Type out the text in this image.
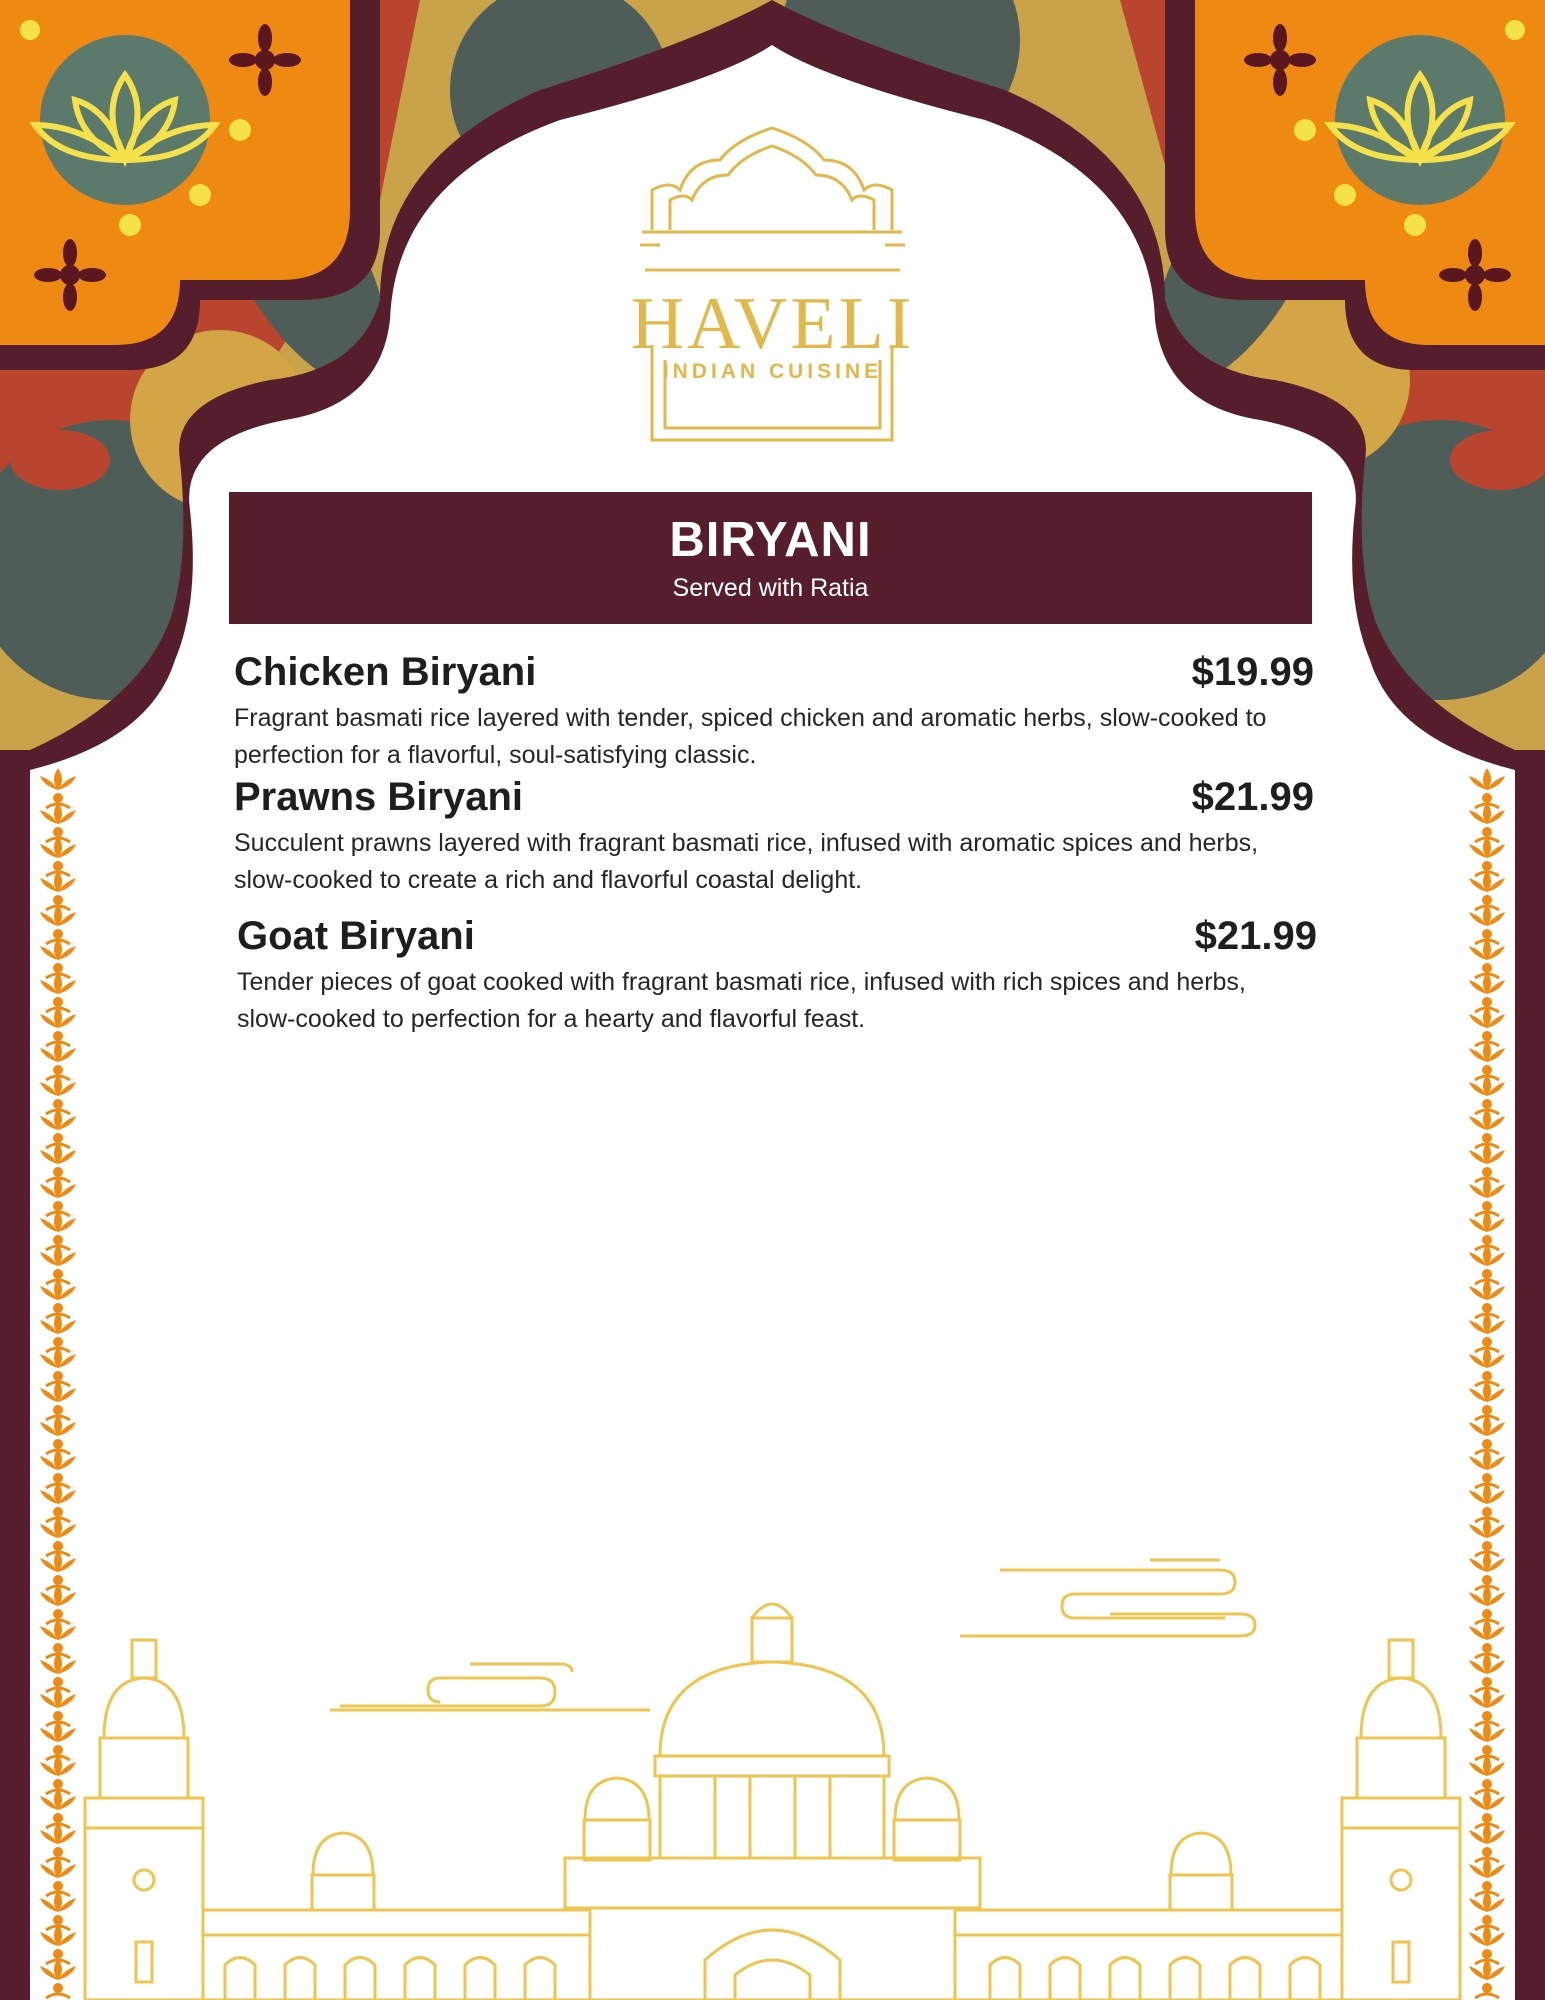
HAVELI
INDIAN CUISINE
BIRYANI
Served with Ratia
Chicken Biryani	$19.99
Fragrant basmati rice layered with tender, spiced chicken and aromatic herbs, slow-cooked to perfection for a flavorful, soul-satisfying classic.
Prawns Biryani	$21.99
Succulent prawns layered with fragrant basmati rice, infused with aromatic spices and herbs, slow-cooked to create a rich and flavorful coastal delight.
Goat Biryani	$21.99
Tender pieces of goat cooked with fragrant basmati rice, infused with rich spices and herbs, slow-cooked to perfection for a hearty and flavorful feast.
